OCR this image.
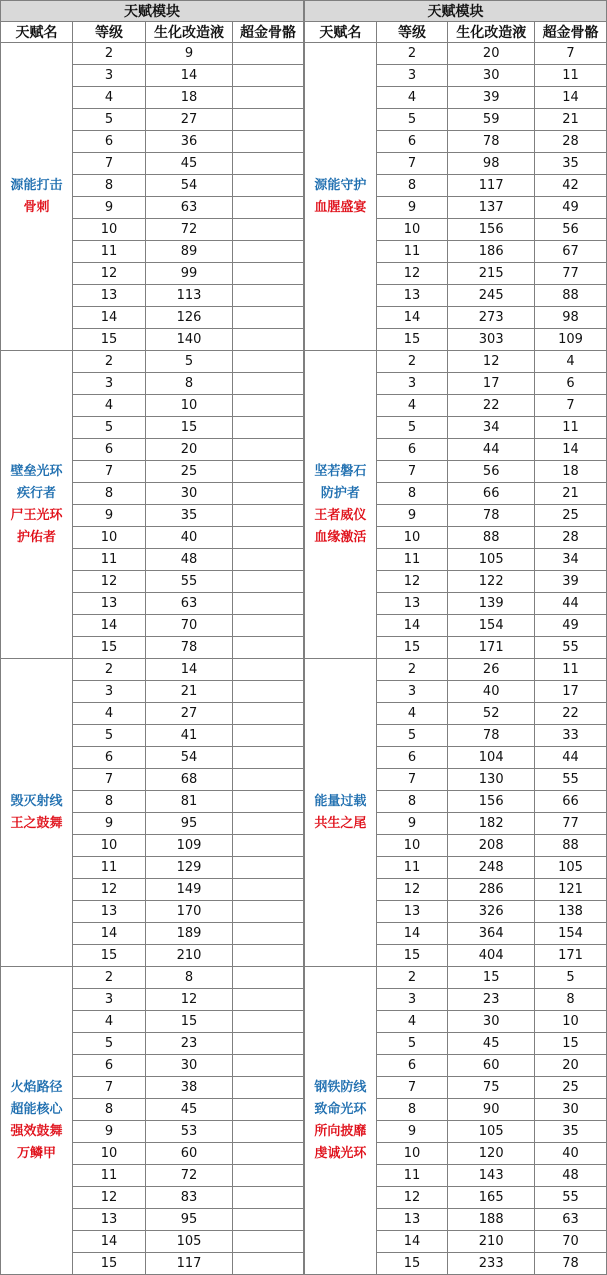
天赋模块			
天赋名	等级	生化改造液	超金骨骼

源能打击
骨刺	2	9	
	3	14	
	4	18	
	5	27	
	6	36	
	7	45	
	8	54	
	9	63	
	10	72	
	11	89	
	12	99	
	13	113	
	14	126	
	15	140	

壁垒光环
疾行者
尸王光环
护佑者	2	5	
	3	8	
	4	10	
	5	15	
	6	20	
	7	25	
	8	30	
	9	35	
	10	40	
	11	48	
	12	55	
	13	63	
	14	70	
	15	78	

毁灭射线
王之鼓舞	2	14	
	3	21	
	4	27	
	5	41	
	6	54	
	7	68	
	8	81	
	9	95	
	10	109	
	11	129	
	12	149	
	13	170	
	14	189	
	15	210	

火焰路径
超能核心
强效鼓舞
万鳞甲	2	8	
	3	12	
	4	15	
	5	23	
	6	30	
	7	38	
	8	45	
	9	53	
	10	60	
	11	72	
	12	83	
	13	95	
	14	105	
	15	117	
天赋模块			
天赋名	等级	生化改造液	超金骨骼

源能守护
血腥盛宴	2	20	7
	3	30	11
	4	39	14
	5	59	21
	6	78	28
	7	98	35
	8	117	42
	9	137	49
	10	156	56
	11	186	67
	12	215	77
	13	245	88
	14	273	98
	15	303	109

坚若磐石
防护者
王者威仪
血缘激活	2	12	4
	3	17	6
	4	22	7
	5	34	11
	6	44	14
	7	56	18
	8	66	21
	9	78	25
	10	88	28
	11	105	34
	12	122	39
	13	139	44
	14	154	49
	15	171	55

能量过载
共生之尾	2	26	11
	3	40	17
	4	52	22
	5	78	33
	6	104	44
	7	130	55
	8	156	66
	9	182	77
	10	208	88
	11	248	105
	12	286	121
	13	326	138
	14	364	154
	15	404	171

钢铁防线
致命光环
所向披靡
虔诚光环	2	15	5
	3	23	8
	4	30	10
	5	45	15
	6	60	20
	7	75	25
	8	90	30
	9	105	35
	10	120	40
	11	143	48
	12	165	55
	13	188	63
	14	210	70
	15	233	78
